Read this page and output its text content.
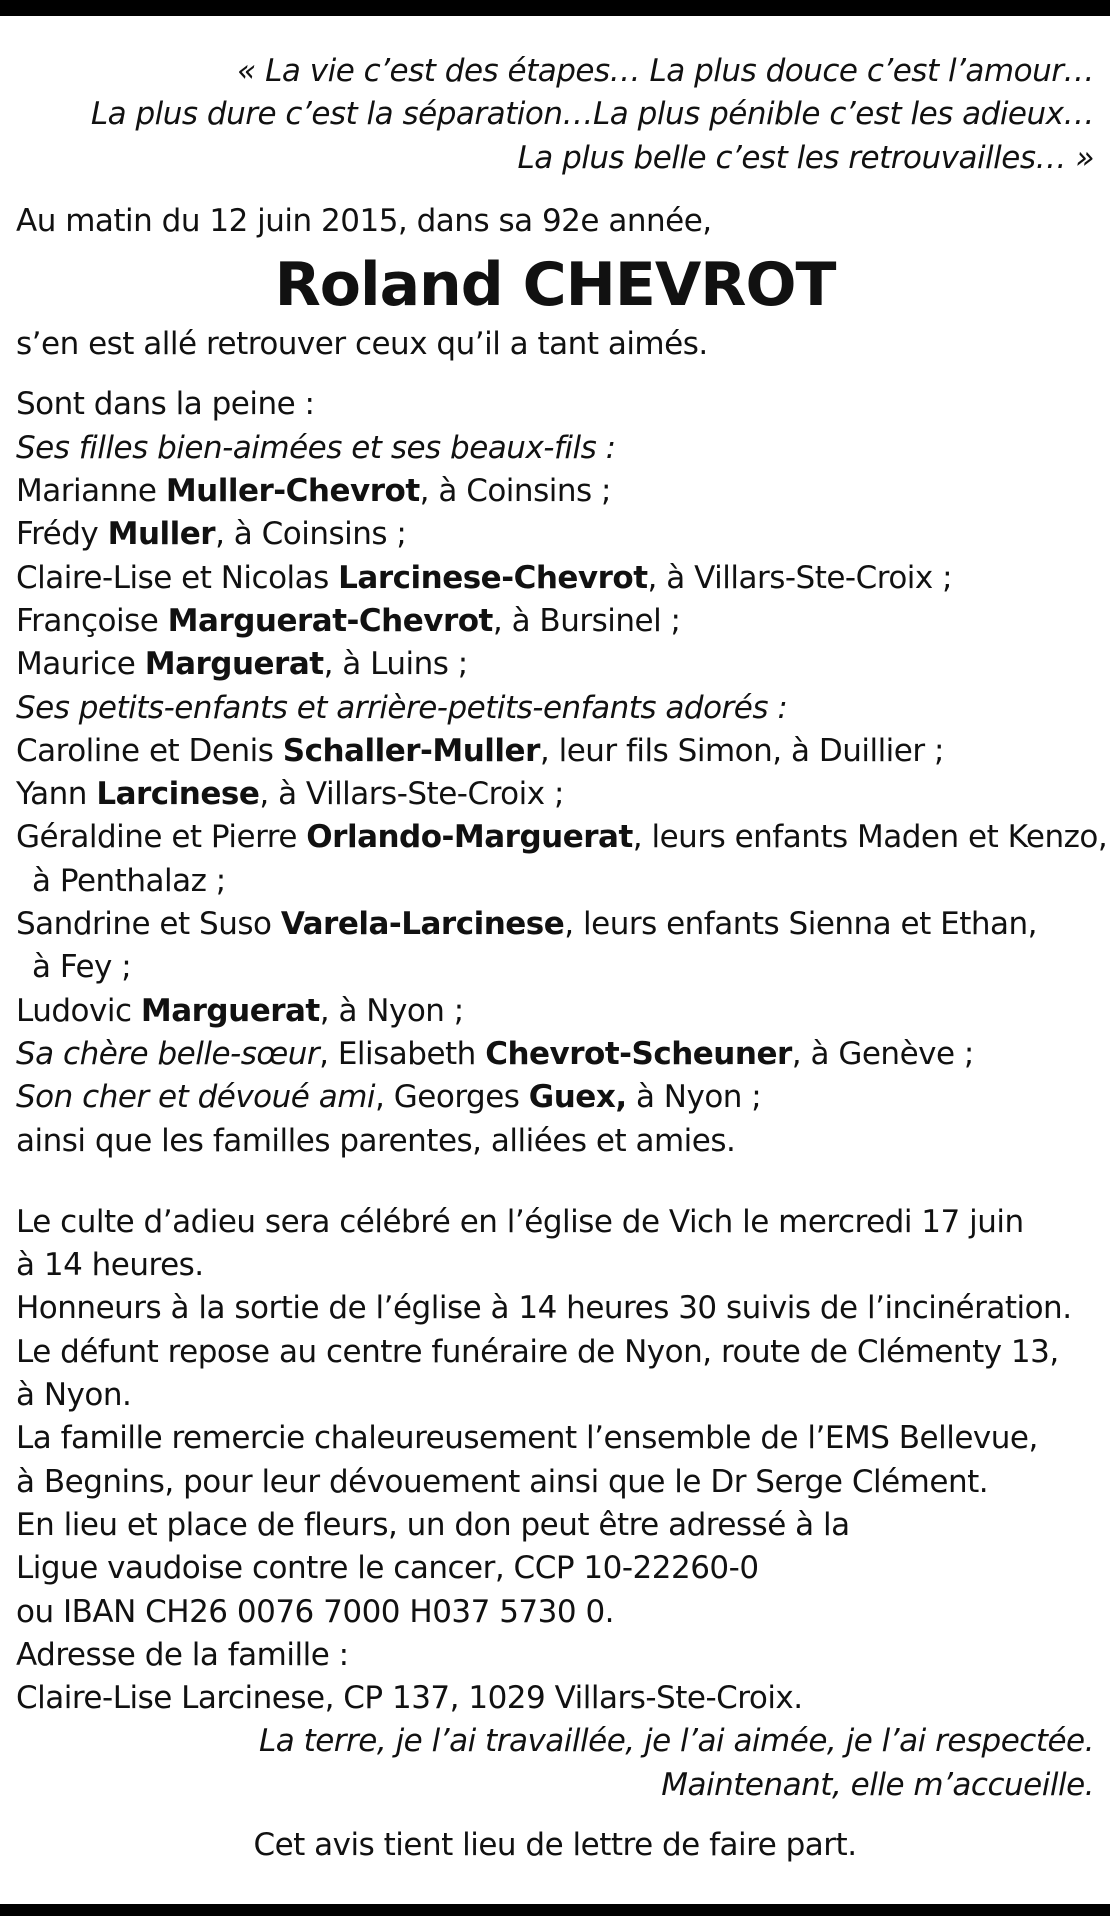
« La vie c’est des étapes… La plus douce c’est l’amour…
La plus dure c’est la séparation…La plus pénible c’est les adieux…
La plus belle c’est les retrouvailles… »
Au matin du 12 juin 2015, dans sa 92e année,
Roland CHEVROT
s’en est allé retrouver ceux qu’il a tant aimés.
Sont dans la peine :
Ses filles bien-aimées et ses beaux-fils :
Marianne Muller-Chevrot, à Coinsins ;
Frédy Muller, à Coinsins ;
Claire-Lise et Nicolas Larcinese-Chevrot, à Villars-Ste-Croix ;
Françoise Marguerat-Chevrot, à Bursinel ;
Maurice Marguerat, à Luins ;
Ses petits-enfants et arrière-petits-enfants adorés :
Caroline et Denis Schaller-Muller, leur fils Simon, à Duillier ;
Yann Larcinese, à Villars-Ste-Croix ;
Géraldine et Pierre Orlando-Marguerat, leurs enfants Maden et Kenzo,
à Penthalaz ;
Sandrine et Suso Varela-Larcinese, leurs enfants Sienna et Ethan,
à Fey ;
Ludovic Marguerat, à Nyon ;
Sa chère belle-sœur, Elisabeth Chevrot-Scheuner, à Genève ;
Son cher et dévoué ami, Georges Guex, à Nyon ;
ainsi que les familles parentes, alliées et amies.
Le culte d’adieu sera célébré en l’église de Vich le mercredi 17 juin
à 14 heures.
Honneurs à la sortie de l’église à 14 heures 30 suivis de l’incinération.
Le défunt repose au centre funéraire de Nyon, route de Clémenty 13,
à Nyon.
La famille remercie chaleureusement l’ensemble de l’EMS Bellevue,
à Begnins, pour leur dévouement ainsi que le Dr Serge Clément.
En lieu et place de fleurs, un don peut être adressé à la
Ligue vaudoise contre le cancer, CCP 10-22260-0
ou IBAN CH26 0076 7000 H037 5730 0.
Adresse de la famille :
Claire-Lise Larcinese, CP 137, 1029 Villars-Ste-Croix.
La terre, je l’ai travaillée, je l’ai aimée, je l’ai respectée.
Maintenant, elle m’accueille.
Cet avis tient lieu de lettre de faire part.
